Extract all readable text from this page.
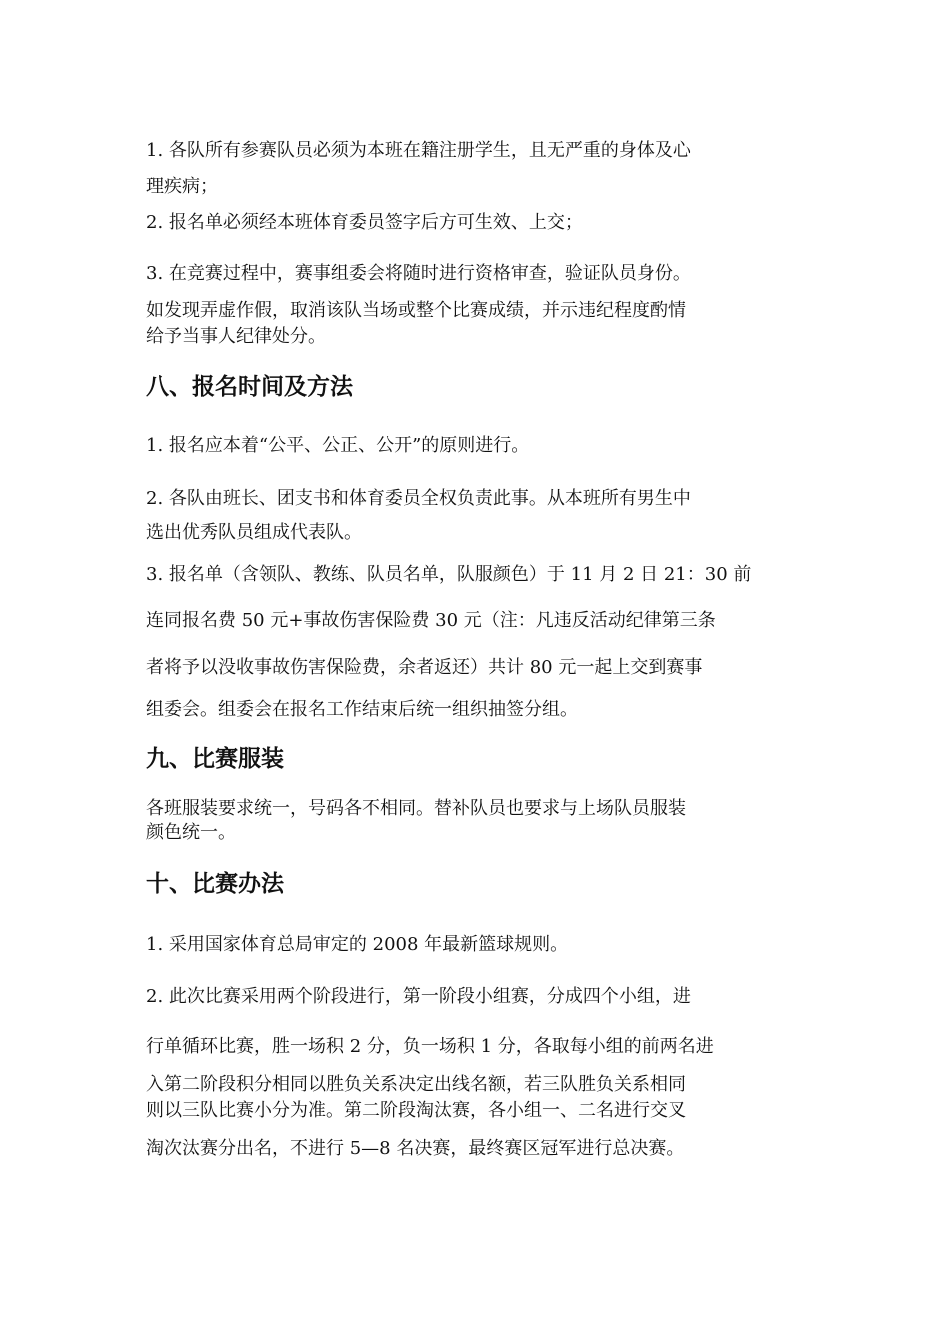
1. 各队所有参赛队员必须为本班在籍注册学生，且无严重的身体及心

理疾病；

2. 报名单必须经本班体育委员签字后方可生效、上交；

3. 在竞赛过程中，赛事组委会将随时进行资格审查，验证队员身份。

如发现弄虚作假，取消该队当场或整个比赛成绩，并示违纪程度酌情

给予当事人纪律处分。

八、报名时间及方法

1. 报名应本着“公平、公正、公开”的原则进行。

2. 各队由班长、团支书和体育委员全权负责此事。从本班所有男生中

选出优秀队员组成代表队。

3. 报名单（含领队、教练、队员名单，队服颜色）于 11 月 2 日 21：30 前

连同报名费 50 元+事故伤害保险费 30 元（注：凡违反活动纪律第三条

者将予以没收事故伤害保险费，余者返还）共计 80 元一起上交到赛事

组委会。组委会在报名工作结束后统一组织抽签分组。

九、比赛服装

各班服装要求统一，号码各不相同。替补队员也要求与上场队员服装

颜色统一。

十、比赛办法

1. 采用国家体育总局审定的 2008 年最新篮球规则。

2. 此次比赛采用两个阶段进行，第一阶段小组赛，分成四个小组，进

行单循环比赛，胜一场积 2 分，负一场积 1 分，各取每小组的前两名进

入第二阶段积分相同以胜负关系决定出线名额，若三队胜负关系相同

则以三队比赛小分为准。第二阶段淘汰赛，各小组一、二名进行交叉

淘次汰赛分出名，不进行 5—8 名决赛，最终赛区冠军进行总决赛。
